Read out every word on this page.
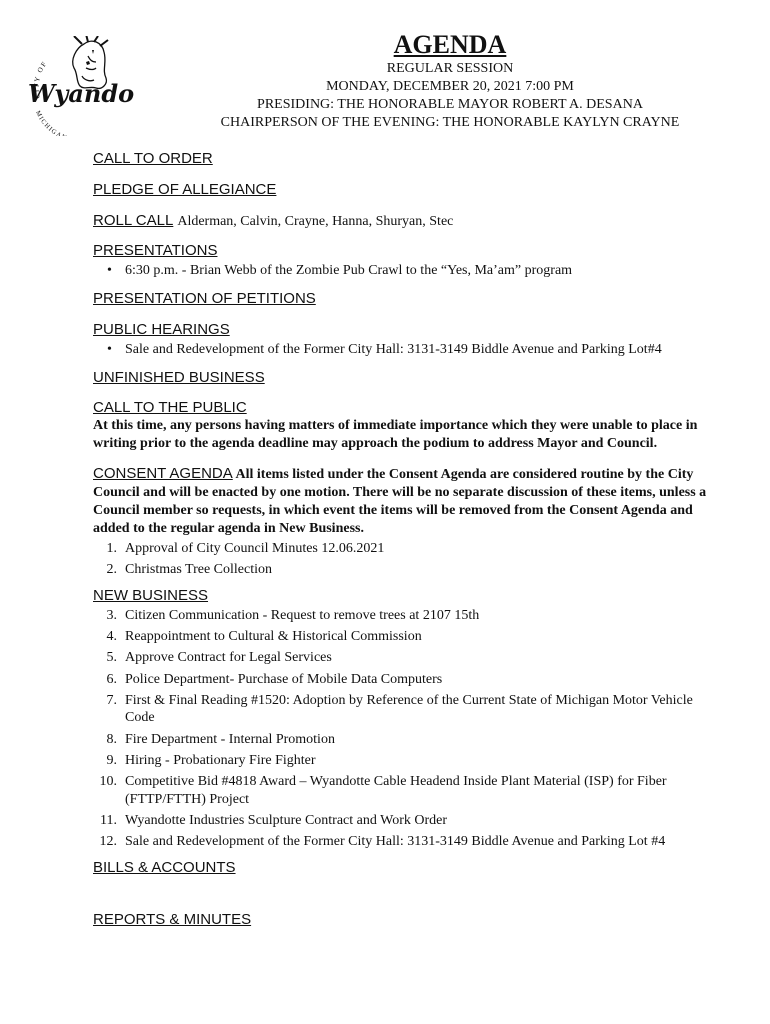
CITY OF
Wyando
MICHIGA
AGENDA
REGULAR SESSION
MONDAY, DECEMBER 20, 2021 7:00 PM
PRESIDING: THE HONORABLE MAYOR ROBERT A. DESANA
CHAIRPERSON OF THE EVENING: THE HONORABLE KAYLYN CRAYNE
CALL TO ORDER
PLEDGE OF ALLEGIANCE
ROLL CALL Alderman, Calvin, Crayne, Hanna, Shuryan, Stec
PRESENTATIONS
• 6:30 p.m. - Brian Webb of the Zombie Pub Crawl to the “Yes, Ma’am” program
PRESENTATION OF PETITIONS
PUBLIC HEARINGS
• Sale and Redevelopment of the Former City Hall: 3131-3149 Biddle Avenue and Parking Lot#4
UNFINISHED BUSINESS
CALL TO THE PUBLIC
At this time, any persons having matters of immediate importance which they were unable to place in writing prior to the agenda deadline may approach the podium to address Mayor and Council.
CONSENT AGENDA All items listed under the Consent Agenda are considered routine by the City Council and will be enacted by one motion. There will be no separate discussion of these items, unless a Council member so requests, in which event the items will be removed from the Consent Agenda and added to the regular agenda in New Business.
1. Approval of City Council Minutes 12.06.2021
2. Christmas Tree Collection
NEW BUSINESS
3. Citizen Communication - Request to remove trees at 2107 15th
4. Reappointment to Cultural & Historical Commission
5. Approve Contract for Legal Services
6. Police Department- Purchase of Mobile Data Computers
7. First & Final Reading #1520: Adoption by Reference of the Current State of Michigan Motor Vehicle Code
8. Fire Department - Internal Promotion
9. Hiring - Probationary Fire Fighter
10. Competitive Bid #4818 Award – Wyandotte Cable Headend Inside Plant Material (ISP) for Fiber (FTTP/FTTH) Project
11. Wyandotte Industries Sculpture Contract and Work Order
12. Sale and Redevelopment of the Former City Hall: 3131-3149 Biddle Avenue and Parking Lot #4
BILLS & ACCOUNTS
REPORTS & MINUTES
